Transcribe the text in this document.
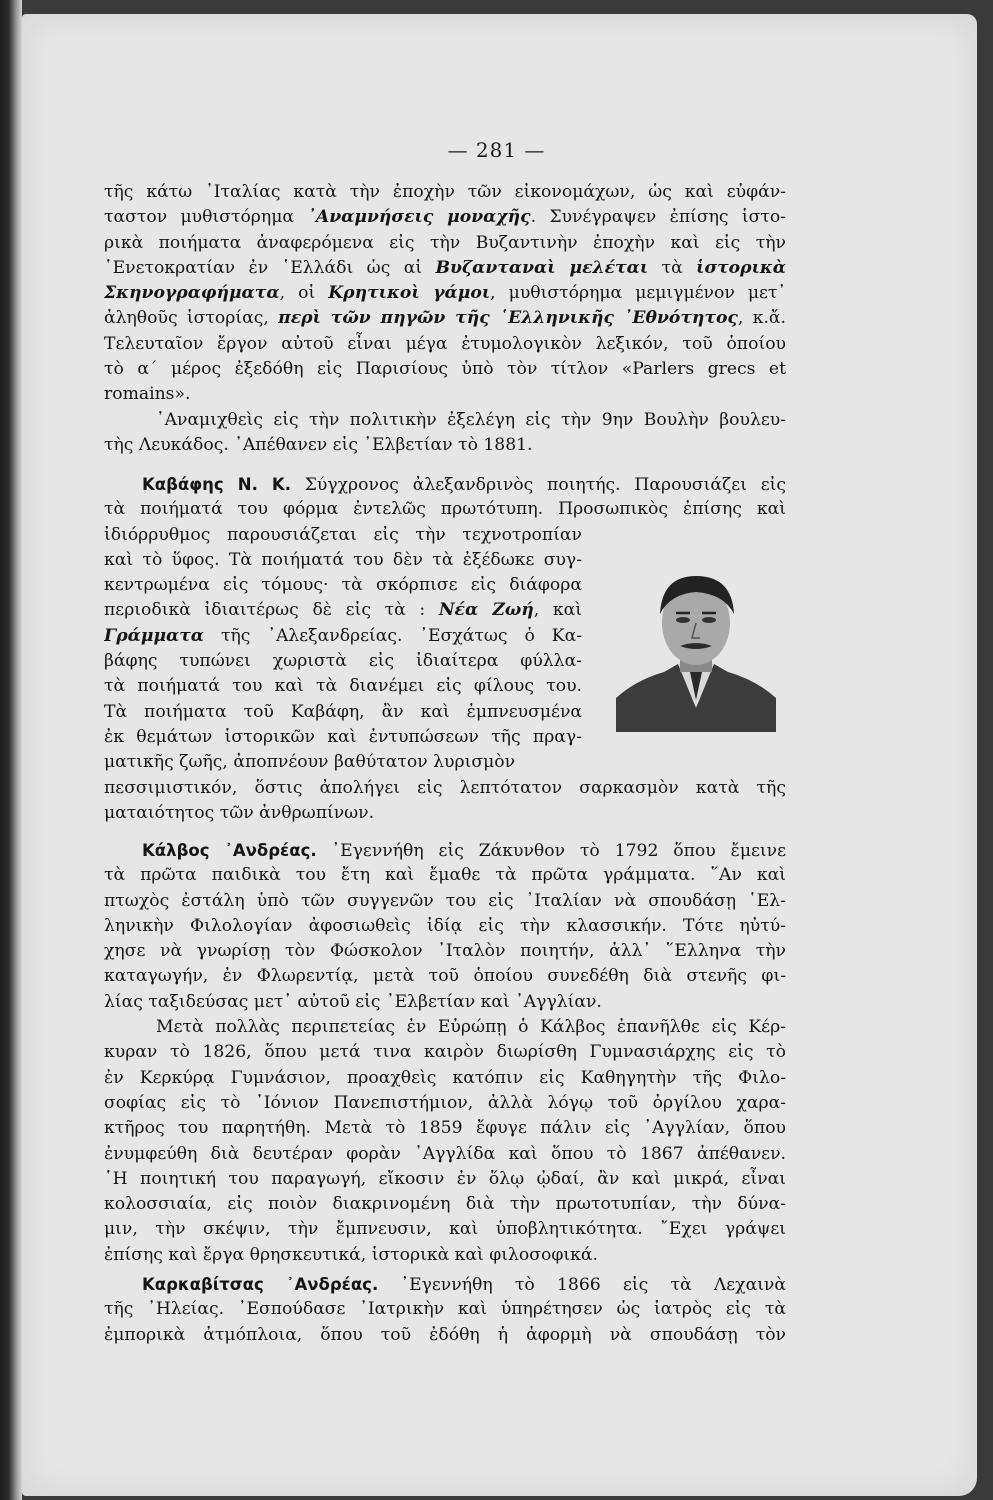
— 281 —
τῆς κάτω ᾿Ιταλίας κατὰ τὴν ἐποχὴν τῶν εἰκονομάχων, ὡς καὶ εὐφάν-
ταστον μυθιστόρημα ᾿Αναμνήσεις μοναχῆς. Συνέγραψεν ἐπίσης ἱστο-
ρικὰ ποιήματα ἀναφερόμενα εἰς τὴν Βυζαντινὴν ἐποχὴν καὶ εἰς τὴν
῾Ενετοκρατίαν ἐν ῾Ελλάδι ὡς αἱ Βυζανταναὶ μελέται τὰ ἱστορικὰ
Σκηνογραφήματα, οἱ Κρητικοὶ γάμοι, μυθιστόρημα μεμιγμένον μετ᾿
ἀληθοῦς ἱστορίας, περὶ τῶν πηγῶν τῆς ῾Ελληνικῆς ᾿Εθνότητος, κ.ἄ.
Τελευταῖον ἔργον αὐτοῦ εἶναι μέγα ἐτυμολογικὸν λεξικόν, τοῦ ὁποίου
τὸ α´ μέρος ἐξεδόθη εἰς Παρισίους ὑπὸ τὸν τίτλον «Parlers grecs et
romains».
᾿Αναμιχθεὶς εἰς τὴν πολιτικὴν ἐξελέγη εἰς τὴν 9ην Βουλὴν βουλευ-
τὴς Λευκάδος. ᾿Απέθανεν εἰς ᾿Ελβετίαν τὸ 1881.
Καβάφης Ν. Κ. Σύγχρονος ἀλεξανδρινὸς ποιητής. Παρουσιάζει εἰς
τὰ ποιήματά του φόρμα ἐντελῶς πρωτότυπη. Προσωπικὸς ἐπίσης καὶ
ἰδιόρρυθμος παρουσιάζεται εἰς τὴν τεχνοτροπίαν
καὶ τὸ ὕφος. Τὰ ποιήματά του δὲν τὰ ἐξέδωκε συγ-
κεντρωμένα εἰς τόμους· τὰ σκόρπισε εἰς διάφορα
περιοδικὰ ἰδιαιτέρως δὲ εἰς τὰ : Νέα Ζωή, καὶ
Γράμματα τῆς ᾿Αλεξανδρείας. ᾿Εσχάτως ὁ Κα-
βάφης τυπώνει χωριστὰ εἰς ἰδιαίτερα φύλλα-
τὰ ποιήματά του καὶ τὰ διανέμει εἰς φίλους του.
Τὰ ποιήματα τοῦ Καβάφη, ἂν καὶ ἐμπνευσμένα
ἐκ θεμάτων ἱστορικῶν καὶ ἐντυπώσεων τῆς πραγ-
ματικῆς ζωῆς, ἀποπνέουν βαθύτατον λυρισμὸν
πεσσιμιστικόν, ὅστις ἀπολήγει εἰς λεπτότατον σαρκασμὸν κατὰ τῆς
ματαιότητος τῶν ἀνθρωπίνων.
Κάλβος ᾿Ανδρέας. ᾿Εγεννήθη εἰς Ζάκυνθον τὸ 1792 ὅπου ἔμεινε
τὰ πρῶτα παιδικὰ του ἔτη καὶ ἔμαθε τὰ πρῶτα γράμματα. ῞Αν καὶ
πτωχὸς ἐστάλη ὑπὸ τῶν συγγενῶν του εἰς ᾿Ιταλίαν νὰ σπουδάσῃ ῾Ελ-
ληνικὴν Φιλολογίαν ἀφοσιωθεὶς ἰδίᾳ εἰς τὴν κλασσικήν. Τότε ηὐτύ-
χησε νὰ γνωρίσῃ τὸν Φώσκολον ᾿Ιταλὸν ποιητήν, ἀλλ᾿ ῞Ελληνα τὴν
καταγωγήν, ἐν Φλωρεντίᾳ, μετὰ τοῦ ὁποίου συνεδέθη διὰ στενῆς φι-
λίας ταξιδεύσας μετ᾿ αὐτοῦ εἰς ᾿Ελβετίαν καὶ ᾿Αγγλίαν.
Μετὰ πολλὰς περιπετείας ἐν Εὐρώπῃ ὁ Κάλβος ἐπανῆλθε εἰς Κέρ-
κυραν τὸ 1826, ὅπου μετά τινα καιρὸν διωρίσθη Γυμνασιάρχης εἰς τὸ
ἐν Κερκύρᾳ Γυμνάσιον, προαχθεὶς κατόπιν εἰς Καθηγητὴν τῆς Φιλο-
σοφίας εἰς τὸ ᾿Ιόνιον Πανεπιστήμιον, ἀλλὰ λόγῳ τοῦ ὀργίλου χαρα-
κτῆρος του παρητήθη. Μετὰ τὸ 1859 ἔφυγε πάλιν εἰς ᾿Αγγλίαν, ὅπου
ἐνυμφεύθη διὰ δευτέραν φορὰν ᾿Αγγλίδα καὶ ὅπου τὸ 1867 ἀπέθανεν.
῾Η ποιητική του παραγωγή, εἴκοσιν ἐν ὅλῳ ᾠδαί, ἂν καὶ μικρά, εἶναι
κολοσσιαία, εἰς ποιὸν διακρινομένη διὰ τὴν πρωτοτυπίαν, τὴν δύνα-
μιν, τὴν σκέψιν, τὴν ἔμπνευσιν, καὶ ὑποβλητικότητα. ῎Εχει γράψει
ἐπίσης καὶ ἔργα θρησκευτικά, ἱστορικὰ καὶ φιλοσοφικά.
Καρκαβίτσας ᾿Ανδρέας. ᾿Εγεννήθη τὸ 1866 εἰς τὰ Λεχαινὰ
τῆς ᾿Ηλείας. ᾿Εσπούδασε ᾿Ιατρικὴν καὶ ὑπηρέτησεν ὡς ἰατρὸς εἰς τὰ
ἐμπορικὰ ἀτμόπλοια, ὅπου τοῦ ἐδόθη ἡ ἀφορμὴ νὰ σπουδάσῃ τὸν
